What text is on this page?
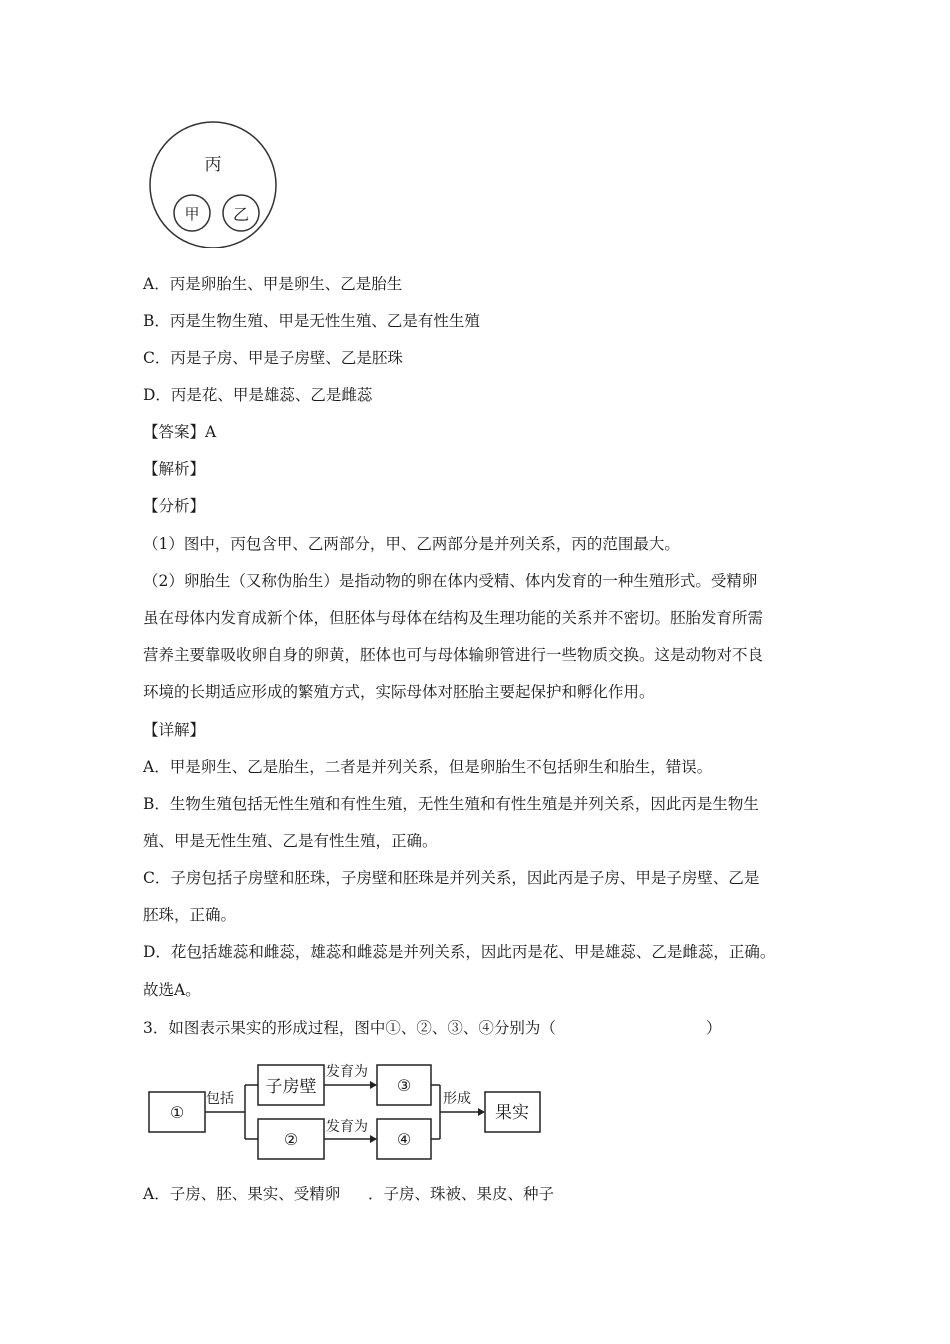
丙
甲 乙
A．丙是卵胎生、甲是卵生、乙是胎生
B．丙是生物生殖、甲是无性生殖、乙是有性生殖
C．丙是子房、甲是子房壁、乙是胚珠
D．丙是花、甲是雄蕊、乙是雌蕊
【答案】A
【解析】
【分析】
（1）图中，丙包含甲、乙两部分，甲、乙两部分是并列关系，丙的范围最大。
（2）卵胎生（又称伪胎生）是指动物的卵在体内受精、体内发育的一种生殖形式。受精卵
虽在母体内发育成新个体，但胚体与母体在结构及生理功能的关系并不密切。胚胎发育所需
营养主要靠吸收卵自身的卵黄，胚体也可与母体输卵管进行一些物质交换。这是动物对不良
环境的长期适应形成的繁殖方式，实际母体对胚胎主要起保护和孵化作用。
【详解】
A．甲是卵生、乙是胎生，二者是并列关系，但是卵胎生不包括卵生和胎生，错误。
B．生物生殖包括无性生殖和有性生殖，无性生殖和有性生殖是并列关系，因此丙是生物生
殖、甲是无性生殖、乙是有性生殖，正确。
C．子房包括子房壁和胚珠，子房壁和胚珠是并列关系，因此丙是子房、甲是子房壁、乙是
胚珠，正确。
D．花包括雄蕊和雌蕊，雄蕊和雌蕊是并列关系，因此丙是花、甲是雄蕊、乙是雌蕊，正确。
故选A。
3．如图表示果实的形成过程，图中①、②、③、④分别为（	）
①
包括
子房壁
发育为
③
②
发育为
④
形成
果实
A．子房、胚、果实、受精卵 ．子房、珠被、果皮、种子
